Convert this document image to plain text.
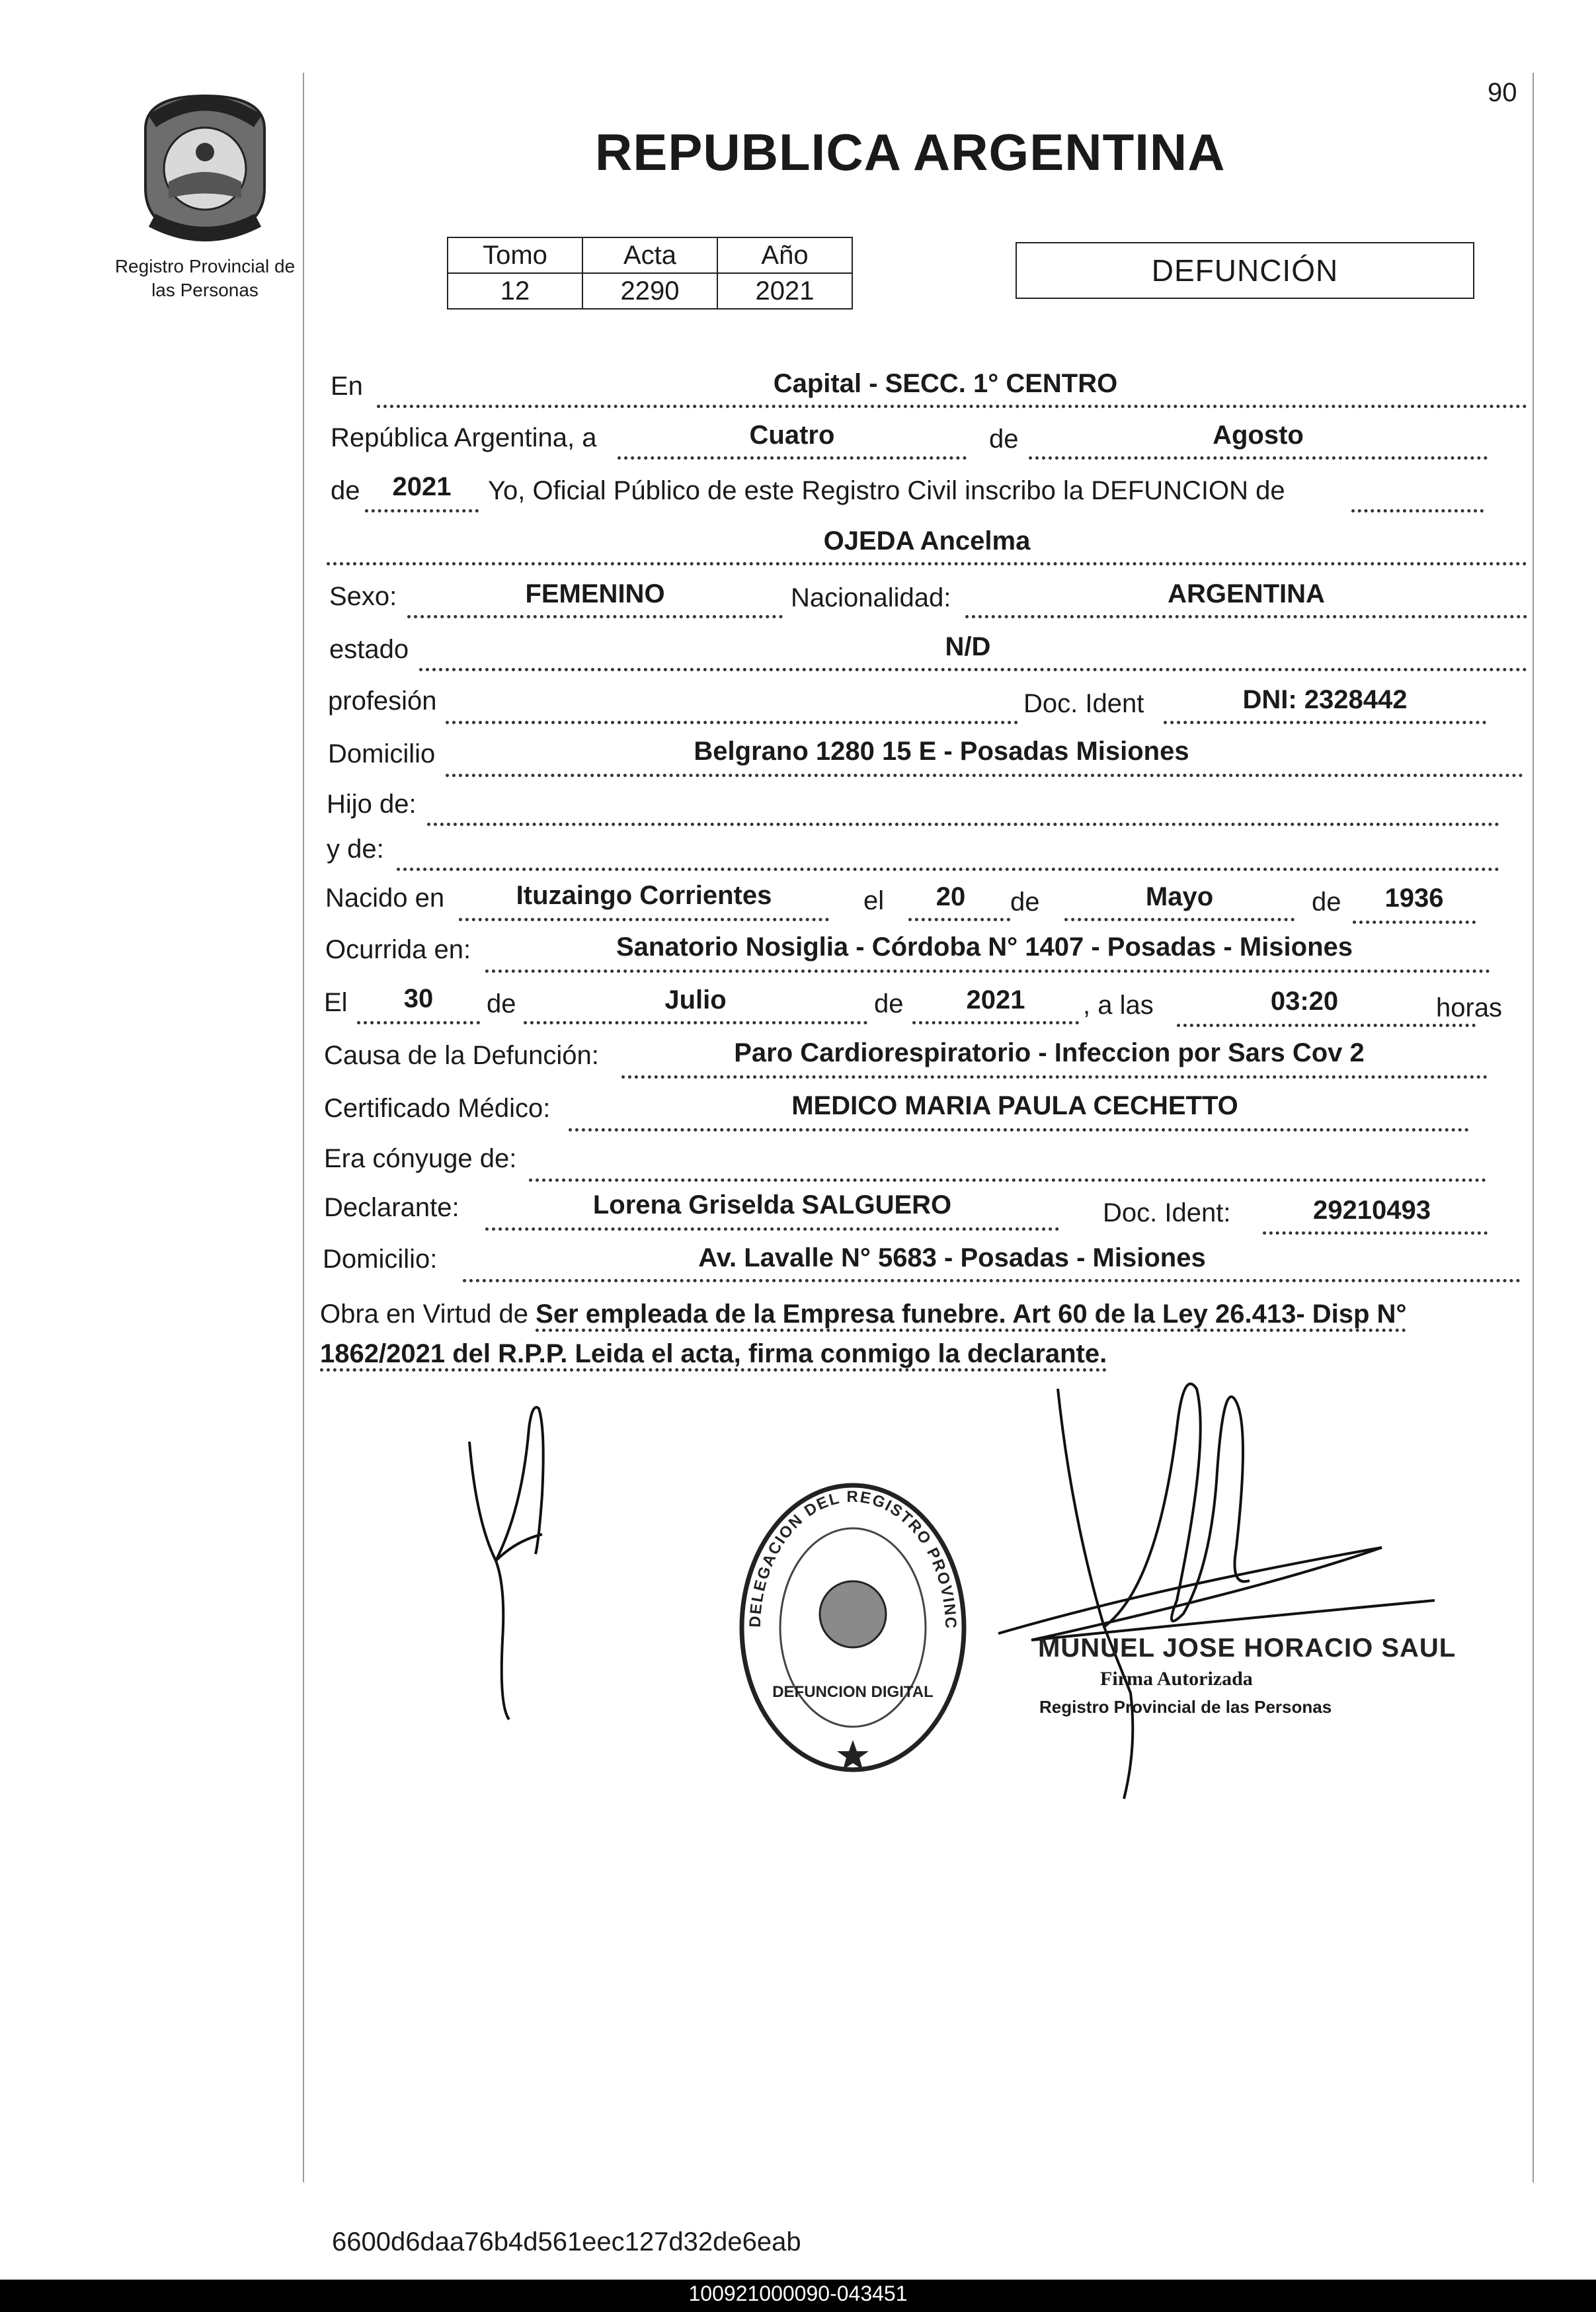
90
REPUBLICA ARGENTINA
Registro Provincial de
las Personas
Tomo	Acta	Año
12	2290	2021
DEFUNCIÓN
En	Capital - SECC. 1° CENTRO
República Argentina, a	Cuatro	de	Agosto
de	2021	Yo, Oficial Público de este Registro Civil inscribo la DEFUNCION de
OJEDA Ancelma
Sexo:	FEMENINO	Nacionalidad:	ARGENTINA
estado	N/D
profesión	Doc. Ident	DNI: 2328442
Domicilio	Belgrano 1280 15 E - Posadas Misiones
Hijo de:
y de:
Nacido en	Ituzaingo Corrientes	el	20	de	Mayo	de	1936
Ocurrida en:	Sanatorio Nosiglia - Córdoba N° 1407 - Posadas - Misiones
El	30	de	Julio	de	2021	, a las	03:20	horas
Causa de la Defunción:	Paro Cardiorespiratorio - Infeccion por Sars Cov 2
Certificado Médico:	MEDICO MARIA PAULA CECHETTO
Era cónyuge de:
Declarante:	Lorena Griselda SALGUERO	Doc. Ident:	29210493
Domicilio:	Av. Lavalle N° 5683 - Posadas - Misiones
Obra en Virtud de Ser empleada de la Empresa funebre. Art 60 de la Ley 26.413- Disp N°
1862/2021 del R.P.P. Leida el acta, firma conmigo la declarante.
DELEGACION DEL REGISTRO PROVINCIAL DE LAS PERSONAS
DEFUNCION DIGITAL
MUNUEL JOSE HORACIO SAUL
Firma Autorizada
Registro Provincial de las Personas
6600d6daa76b4d561eec127d32de6eab
100921000090-043451
